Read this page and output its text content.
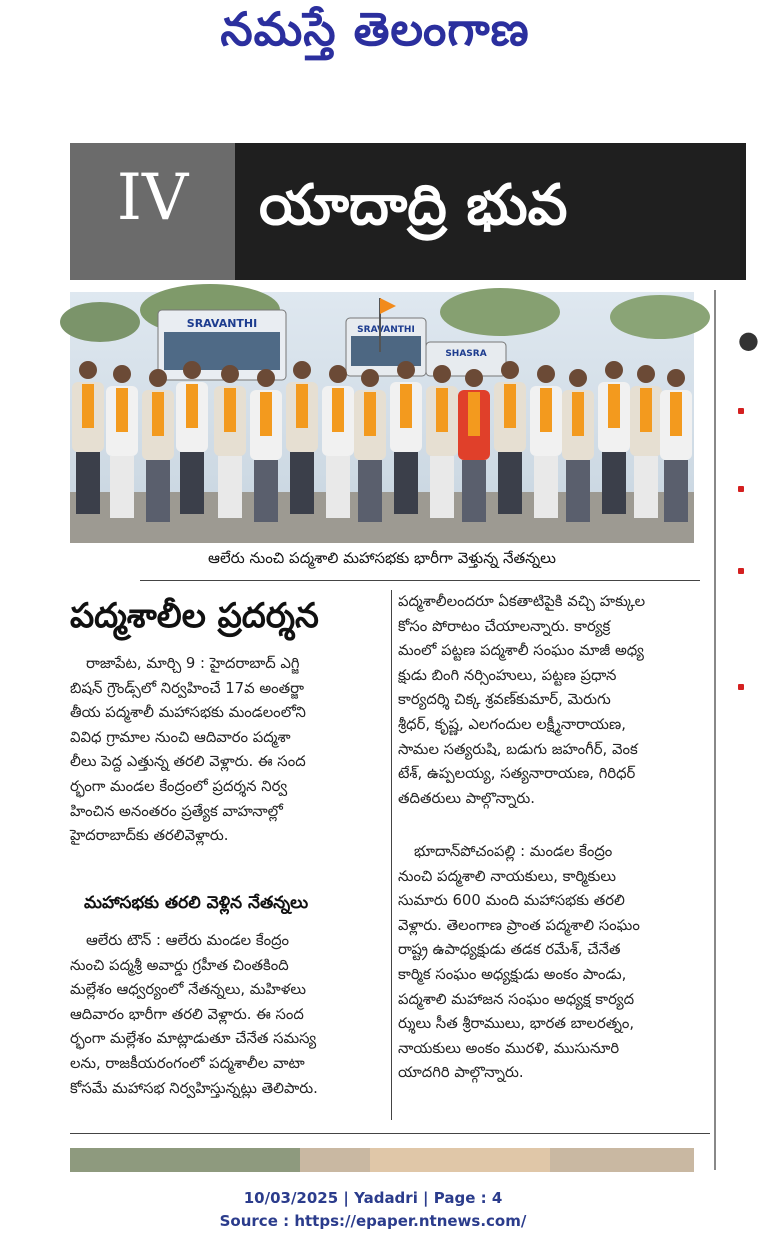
నమస్తే తెలంగాణ
IV	యాదాద్రి భువ
SRAVANTHI	SRAVANTHI
SHASRA
ఆలేరు నుంచి పద్మశాలి మహాసభకు భారీగా వెళ్తున్న నేతన్నలు
పద్మశాలీల ప్రదర్శన

రాజాపేట, మార్చి 9 : హైదరాబాద్ ఎగ్జి

బిషన్ గ్రౌండ్స్‌లో నిర్వహించే 17వ అంతర్జా

తీయ పద్మశాలీ మహాసభకు మండలంలోని

వివిధ గ్రామాల నుంచి ఆదివారం పద్మశా

లీలు పెద్ద ఎత్తున్న తరలి వెళ్లారు. ఈ సంద

ర్భంగా మండల కేంద్రంలో ప్రదర్శన నిర్వ

హించిన అనంతరం ప్రత్యేక వాహనాల్లో

హైదరాబాద్‌కు తరలివెళ్లారు.

మహాసభకు తరలి వెళ్లిన నేతన్నలు

ఆలేరు టౌన్ : ఆలేరు మండల కేంద్రం

నుంచి పద్మశ్రీ అవార్డు గ్రహీత చింతకింది

మల్లేశం ఆధ్వర్యంలో నేతన్నలు, మహిళలు

ఆదివారం భారీగా తరలి వెళ్లారు. ఈ సంద

ర్భంగా మల్లేశం మాట్లాడుతూ చేనేత సమస్య

లను, రాజకీయరంగంలో పద్మశాలీల వాటా

కోసమే మహాసభ నిర్వహిస్తున్నట్లు తెలిపారు.

పద్మశాలీలందరూ ఏకతాటిపైకి వచ్చి హక్కుల

కోసం పోరాటం చేయాలన్నారు. కార్యక్ర

మంలో పట్టణ పద్మశాలీ సంఘం మాజీ అధ్య

క్షుడు బింగి నర్సింహులు, పట్టణ ప్రధాన

కార్యదర్శి చిక్క శ్రవణ్‌కుమార్, మెరుగు

శ్రీధర్, కృష్ణ, ఎలగందుల లక్ష్మీనారాయణ,

సామల సత్యరుషి, బడుగు జహంగీర్, వెంక

టేశ్, ఉప్పలయ్య, సత్యనారాయణ, గిరిధర్

తదితరులు పాల్గొన్నారు.

భూదాన్‌పోచంపల్లి : మండల కేంద్రం

నుంచి పద్మశాలి నాయకులు, కార్మికులు

సుమారు 600 మంది మహాసభకు తరలి

వెళ్లారు. తెలంగాణ ప్రాంత పద్మశాలి సంఘం

రాష్ట్ర ఉపాధ్యక్షుడు తడక రమేశ్, చేనేత

కార్మిక సంఘం అధ్యక్షుడు అంకం పాండు,

పద్మశాలి మహాజన సంఘం అధ్యక్ష కార్యద

ర్శులు సీత శ్రీరాములు, భారత బాలరత్నం,

నాయకులు అంకం మురళి, ముసునూరి

యాదగిరి పాల్గొన్నారు.

●
10/03/2025 | Yadadri | Page : 4
Source : https://epaper.ntnews.com/
